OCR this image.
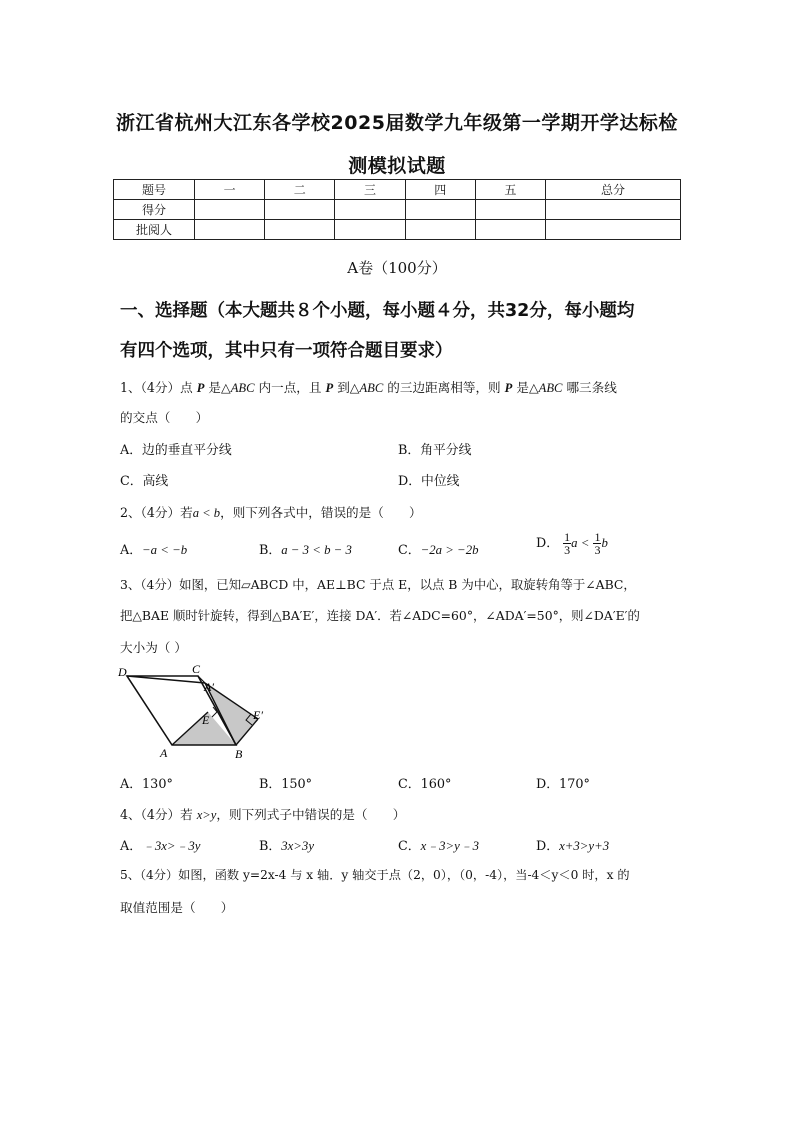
浙江省杭州大江东各学校2025届数学九年级第一学期开学达标检
测模拟试题
题号	一	二	三	四	五	总分
得分						
批阅人						
A卷（100分）
一、选择题（本大题共８个小题，每小题４分，共32分，每小题均
有四个选项，其中只有一项符合题目要求）
1、（4分）点 P 是△ABC 内一点，且 P 到△ABC 的三边距离相等，则 P 是△ABC 哪三条线
的交点（　　）
A．边的垂直平分线	B．角平分线
C．高线	D．中位线
2、（4分）若a < b，则下列各式中，错误的是（　　）
A．−a < −b	B．a − 3 < b − 3	C．−2a > −2b	D． $\frac{1}{3}$ $a < \frac{1}{3}$ b
3、（4分）如图，已知▱ABCD 中，AE⊥BC 于点 E，以点 B 为中心，取旋转角等于∠ABC，
把△BAE 顺时针旋转，得到△BA′E′，连接 DA′．若∠ADC=60°，∠ADA′=50°，则∠DA′E′的
大小为（ ）
D	C
A′
E′
E
A	B
A．130°	B．150°	C．160°	D．170°
4、（4分）若 x>y，则下列式子中错误的是（　　）
A．﹣3x>﹣3y	B．3x>3y	C．x﹣3>y﹣3	D．x+3>y+3
5、（4分）如图，函数 y=2x-4 与 x 轴．y 轴交于点（2，0），（0，-4），当-4＜y＜0 时，x 的
取值范围是（　　）
